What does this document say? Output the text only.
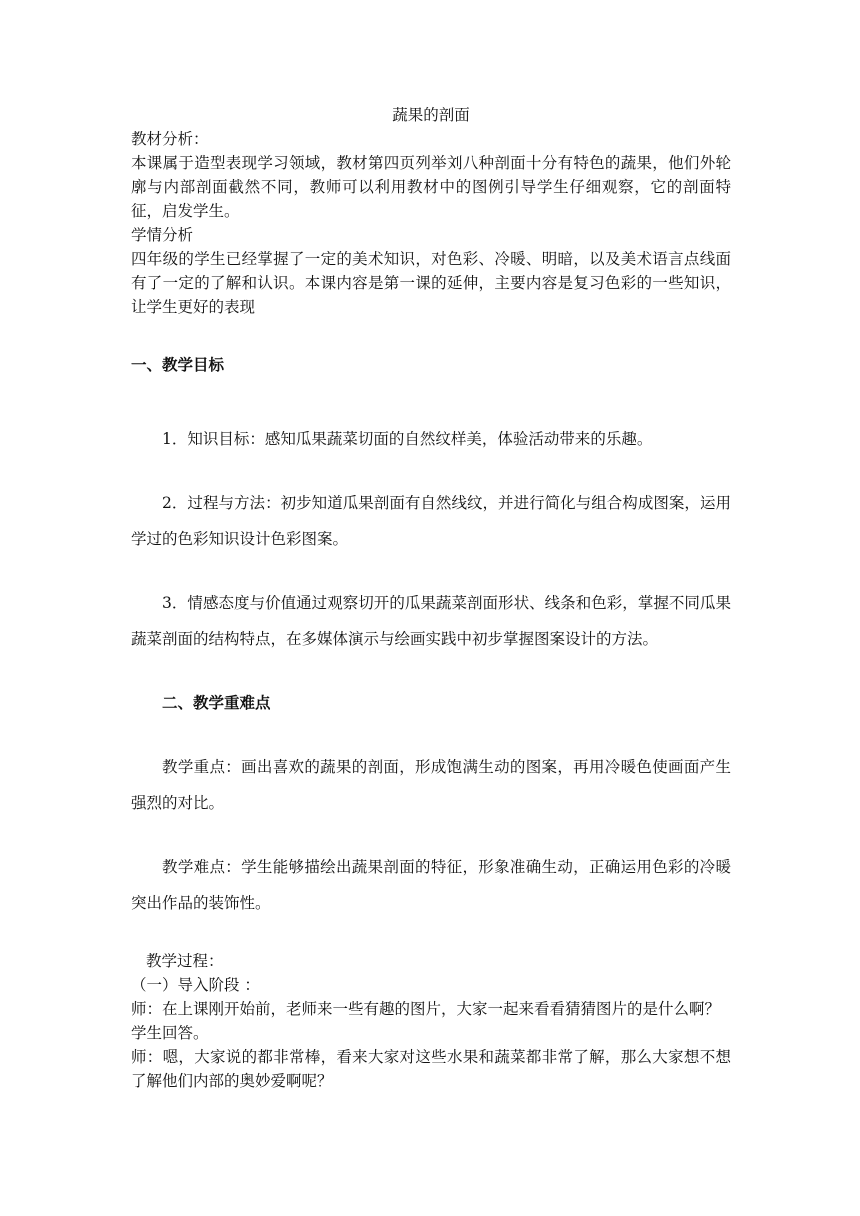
蔬果的剖面

教材分析：

本课属于造型表现学习领域，教材第四页列举刘八种剖面十分有特色的蔬果，他们外轮廓与内部剖面截然不同，教师可以利用教材中的图例引导学生仔细观察，它的剖面特征，启发学生。

学情分析

四年级的学生已经掌握了一定的美术知识，对色彩、冷暖、明暗，以及美术语言点线面有了一定的了解和认识。本课内容是第一课的延伸，主要内容是复习色彩的一些知识，让学生更好的表现

一、教学目标

1．知识目标：感知瓜果蔬菜切面的自然纹样美，体验活动带来的乐趣。

2．过程与方法：初步知道瓜果剖面有自然线纹，并进行简化与组合构成图案，运用学过的色彩知识设计色彩图案。

3．情感态度与价值通过观察切开的瓜果蔬菜剖面形状、线条和色彩，掌握不同瓜果蔬菜剖面的结构特点，在多媒体演示与绘画实践中初步掌握图案设计的方法。

二、教学重难点

教学重点：画出喜欢的蔬果的剖面，形成饱满生动的图案，再用冷暖色使画面产生强烈的对比。

教学难点：学生能够描绘出蔬果剖面的特征，形象准确生动，正确运用色彩的冷暖突出作品的装饰性。

教学过程：

（一）导入阶段 ：

师：在上课刚开始前，老师来一些有趣的图片，大家一起来看看猜猜图片的是什么啊？

学生回答。

师：嗯，大家说的都非常棒，看来大家对这些水果和蔬菜都非常了解，那么大家想不想了解他们内部的奥妙爱啊呢？
